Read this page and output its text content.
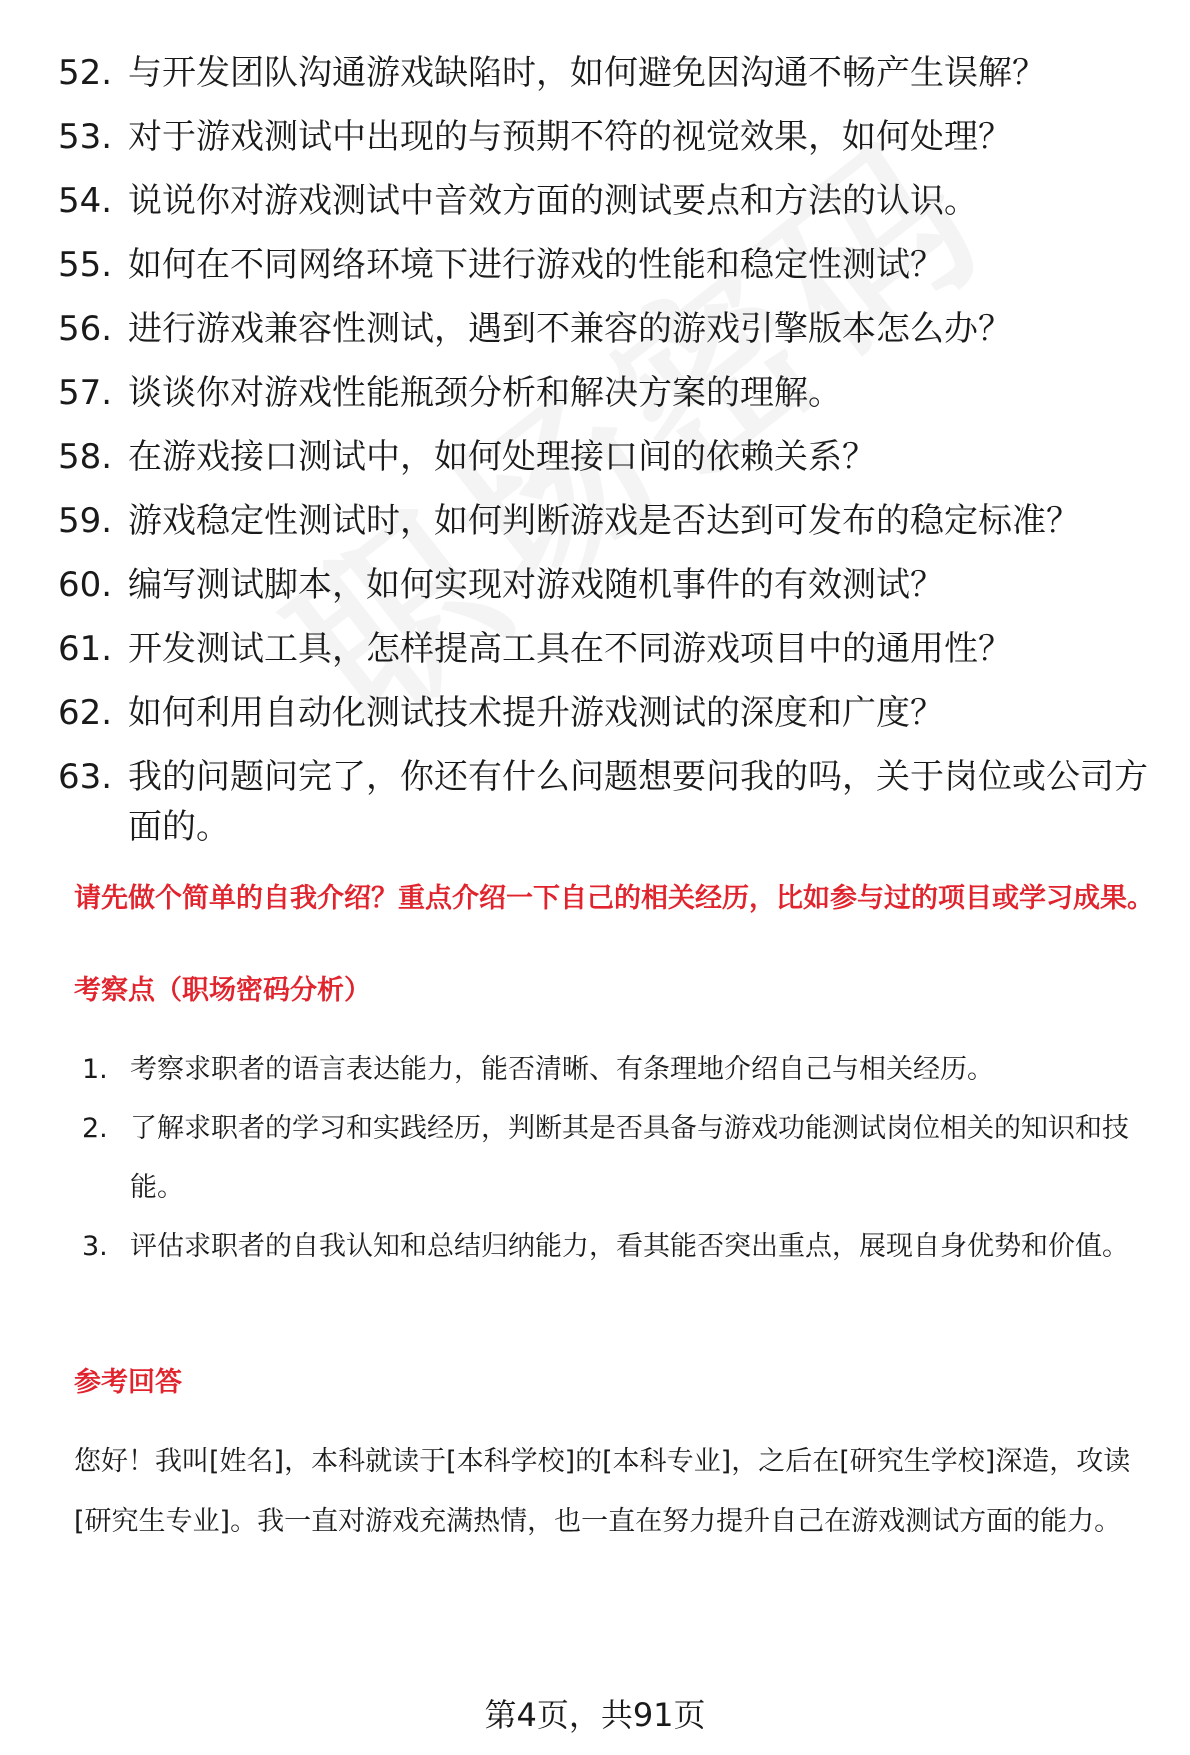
52. 与开发团队沟通游戏缺陷时，如何避免因沟通不畅产生误解？
53. 对于游戏测试中出现的与预期不符的视觉效果，如何处理？
54. 说说你对游戏测试中音效方面的测试要点和方法的认识。
55. 如何在不同网络环境下进行游戏的性能和稳定性测试？
56. 进行游戏兼容性测试，遇到不兼容的游戏引擎版本怎么办？
57. 谈谈你对游戏性能瓶颈分析和解决方案的理解。
58. 在游戏接口测试中，如何处理接口间的依赖关系？
59. 游戏稳定性测试时，如何判断游戏是否达到可发布的稳定标准？
60. 编写测试脚本，如何实现对游戏随机事件的有效测试？
61. 开发测试工具，怎样提高工具在不同游戏项目中的通用性？
62. 如何利用自动化测试技术提升游戏测试的深度和广度？
63. 我的问题问完了，你还有什么问题想要问我的吗，关于岗位或公司方面的。
请先做个简单的自我介绍？重点介绍一下自己的相关经历，比如参与过的项目或学习成果。
考察点（职场密码分析）
1. 考察求职者的语言表达能力，能否清晰、有条理地介绍自己与相关经历。
2. 了解求职者的学习和实践经历，判断其是否具备与游戏功能测试岗位相关的知识和技能。
3. 评估求职者的自我认知和总结归纳能力，看其能否突出重点，展现自身优势和价值。
参考回答

您好！我叫[姓名]，本科就读于[本科学校]的[本科专业]，之后在[研究生学校]深造，攻读[研究生专业]。我一直对游戏充满热情，也一直在努力提升自己在游戏测试方面的能力。

第4页，共91页
